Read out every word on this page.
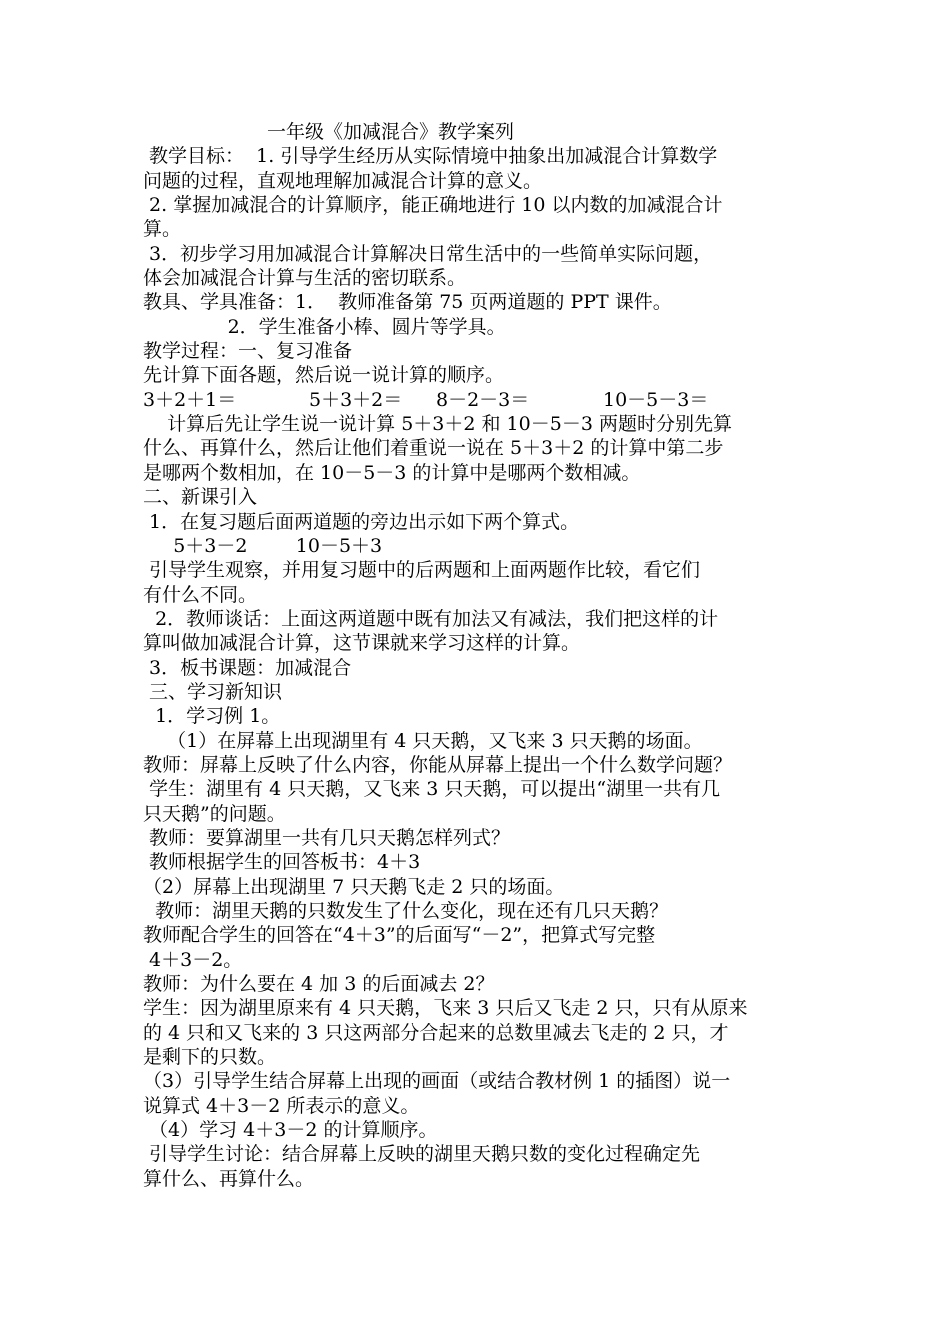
一年级《加减混合》教学案列

教学目标：  1. 引导学生经历从实际情境中抽象出加减混合计算数学

问题的过程，直观地理解加减混合计算的意义。

2. 掌握加减混合的计算顺序，能正确地进行 10 以内数的加减混合计

算。

3．初步学习用加减混合计算解决日常生活中的一些简单实际问题，

体会加减混合计算与生活的密切联系。

教具、学具准备：1．  教师准备第 75 页两道题的 PPT 课件。

2．学生准备小棒、圆片等学具。

教学过程：一、复习准备

先计算下面各题，然后说一说计算的顺序。

3＋2＋1＝	5＋3＋2＝	8－2－3＝	10－5－3＝

计算后先让学生说一说计算 5＋3＋2 和 10－5－3 两题时分别先算

什么、再算什么，然后让他们着重说一说在 5＋3＋2 的计算中第二步

是哪两个数相加，在 10－5－3 的计算中是哪两个数相减。

二、新课引入

1．在复习题后面两道题的旁边出示如下两个算式。

5＋3－2        10－5＋3

引导学生观察，并用复习题中的后两题和上面两题作比较，看它们

有什么不同。

2．教师谈话：上面这两道题中既有加法又有减法，我们把这样的计

算叫做加减混合计算，这节课就来学习这样的计算。

3．板书课题：加减混合

三、学习新知识

1．学习例 1。

（1）在屏幕上出现湖里有 4 只天鹅，又飞来 3 只天鹅的场面。

教师：屏幕上反映了什么内容，你能从屏幕上提出一个什么数学问题？

学生：湖里有 4 只天鹅，又飞来 3 只天鹅，可以提出“湖里一共有几

只天鹅”的问题。

教师：要算湖里一共有几只天鹅怎样列式？

教师根据学生的回答板书：4＋3

（2）屏幕上出现湖里 7 只天鹅飞走 2 只的场面。

教师：湖里天鹅的只数发生了什么变化，现在还有几只天鹅？

教师配合学生的回答在“4＋3”的后面写“－2”，把算式写完整

4＋3－2。

教师：为什么要在 4 加 3 的后面减去 2？

学生：因为湖里原来有 4 只天鹅，飞来 3 只后又飞走 2 只，只有从原来

的 4 只和又飞来的 3 只这两部分合起来的总数里减去飞走的 2 只，才

是剩下的只数。

（3）引导学生结合屏幕上出现的画面（或结合教材例 1 的插图）说一

说算式 4＋3－2 所表示的意义。

（4）学习 4＋3－2 的计算顺序。

引导学生讨论：结合屏幕上反映的湖里天鹅只数的变化过程确定先

算什么、再算什么。
